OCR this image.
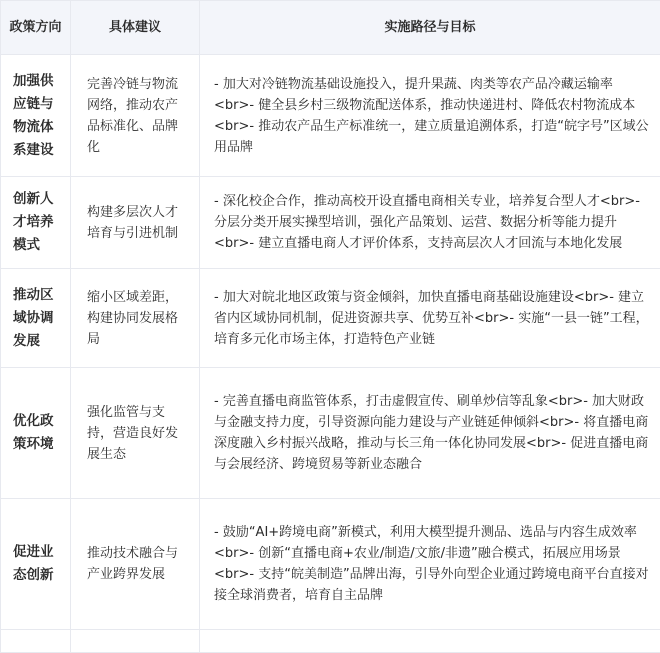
政策方向	具体建议	实施路径与目标
加强供应链与物流体系建设	完善冷链与物流网络，推动农产品标准化、品牌化	- 加大对冷链物流基础设施投入，提升果蔬、肉类等农产品冷藏运输率<br>- 健全县乡村三级物流配送体系，推动快递进村、降低农村物流成本<br>- 推动农产品生产标准统一，建立质量追溯体系，打造“皖字号”区域公用品牌
创新人才培养模式	构建多层次人才培育与引进机制	- 深化校企合作，推动高校开设直播电商相关专业，培养复合型人才<br>- 分层分类开展实操型培训，强化产品策划、运营、数据分析等能力提升<br>- 建立直播电商人才评价体系，支持高层次人才回流与本地化发展
推动区域协调发展	缩小区域差距，构建协同发展格局	- 加大对皖北地区政策与资金倾斜，加快直播电商基础设施建设<br>- 建立省内区域协同机制，促进资源共享、优势互补<br>- 实施“一县一链”工程，培育多元化市场主体，打造特色产业链
优化政策环境	强化监管与支持，营造良好发展生态	- 完善直播电商监管体系，打击虚假宣传、刷单炒信等乱象<br>- 加大财政与金融支持力度，引导资源向能力建设与产业链延伸倾斜<br>- 将直播电商深度融入乡村振兴战略，推动与长三角一体化协同发展<br>- 促进直播电商与会展经济、跨境贸易等新业态融合
促进业态创新	推动技术融合与产业跨界发展	- 鼓励“AI+跨境电商”新模式，利用大模型提升测品、选品与内容生成效率<br>- 创新“直播电商+农业/制造/文旅/非遗”融合模式，拓展应用场景<br>- 支持“皖美制造”品牌出海，引导外向型企业通过跨境电商平台直接对接全球消费者，培育自主品牌
